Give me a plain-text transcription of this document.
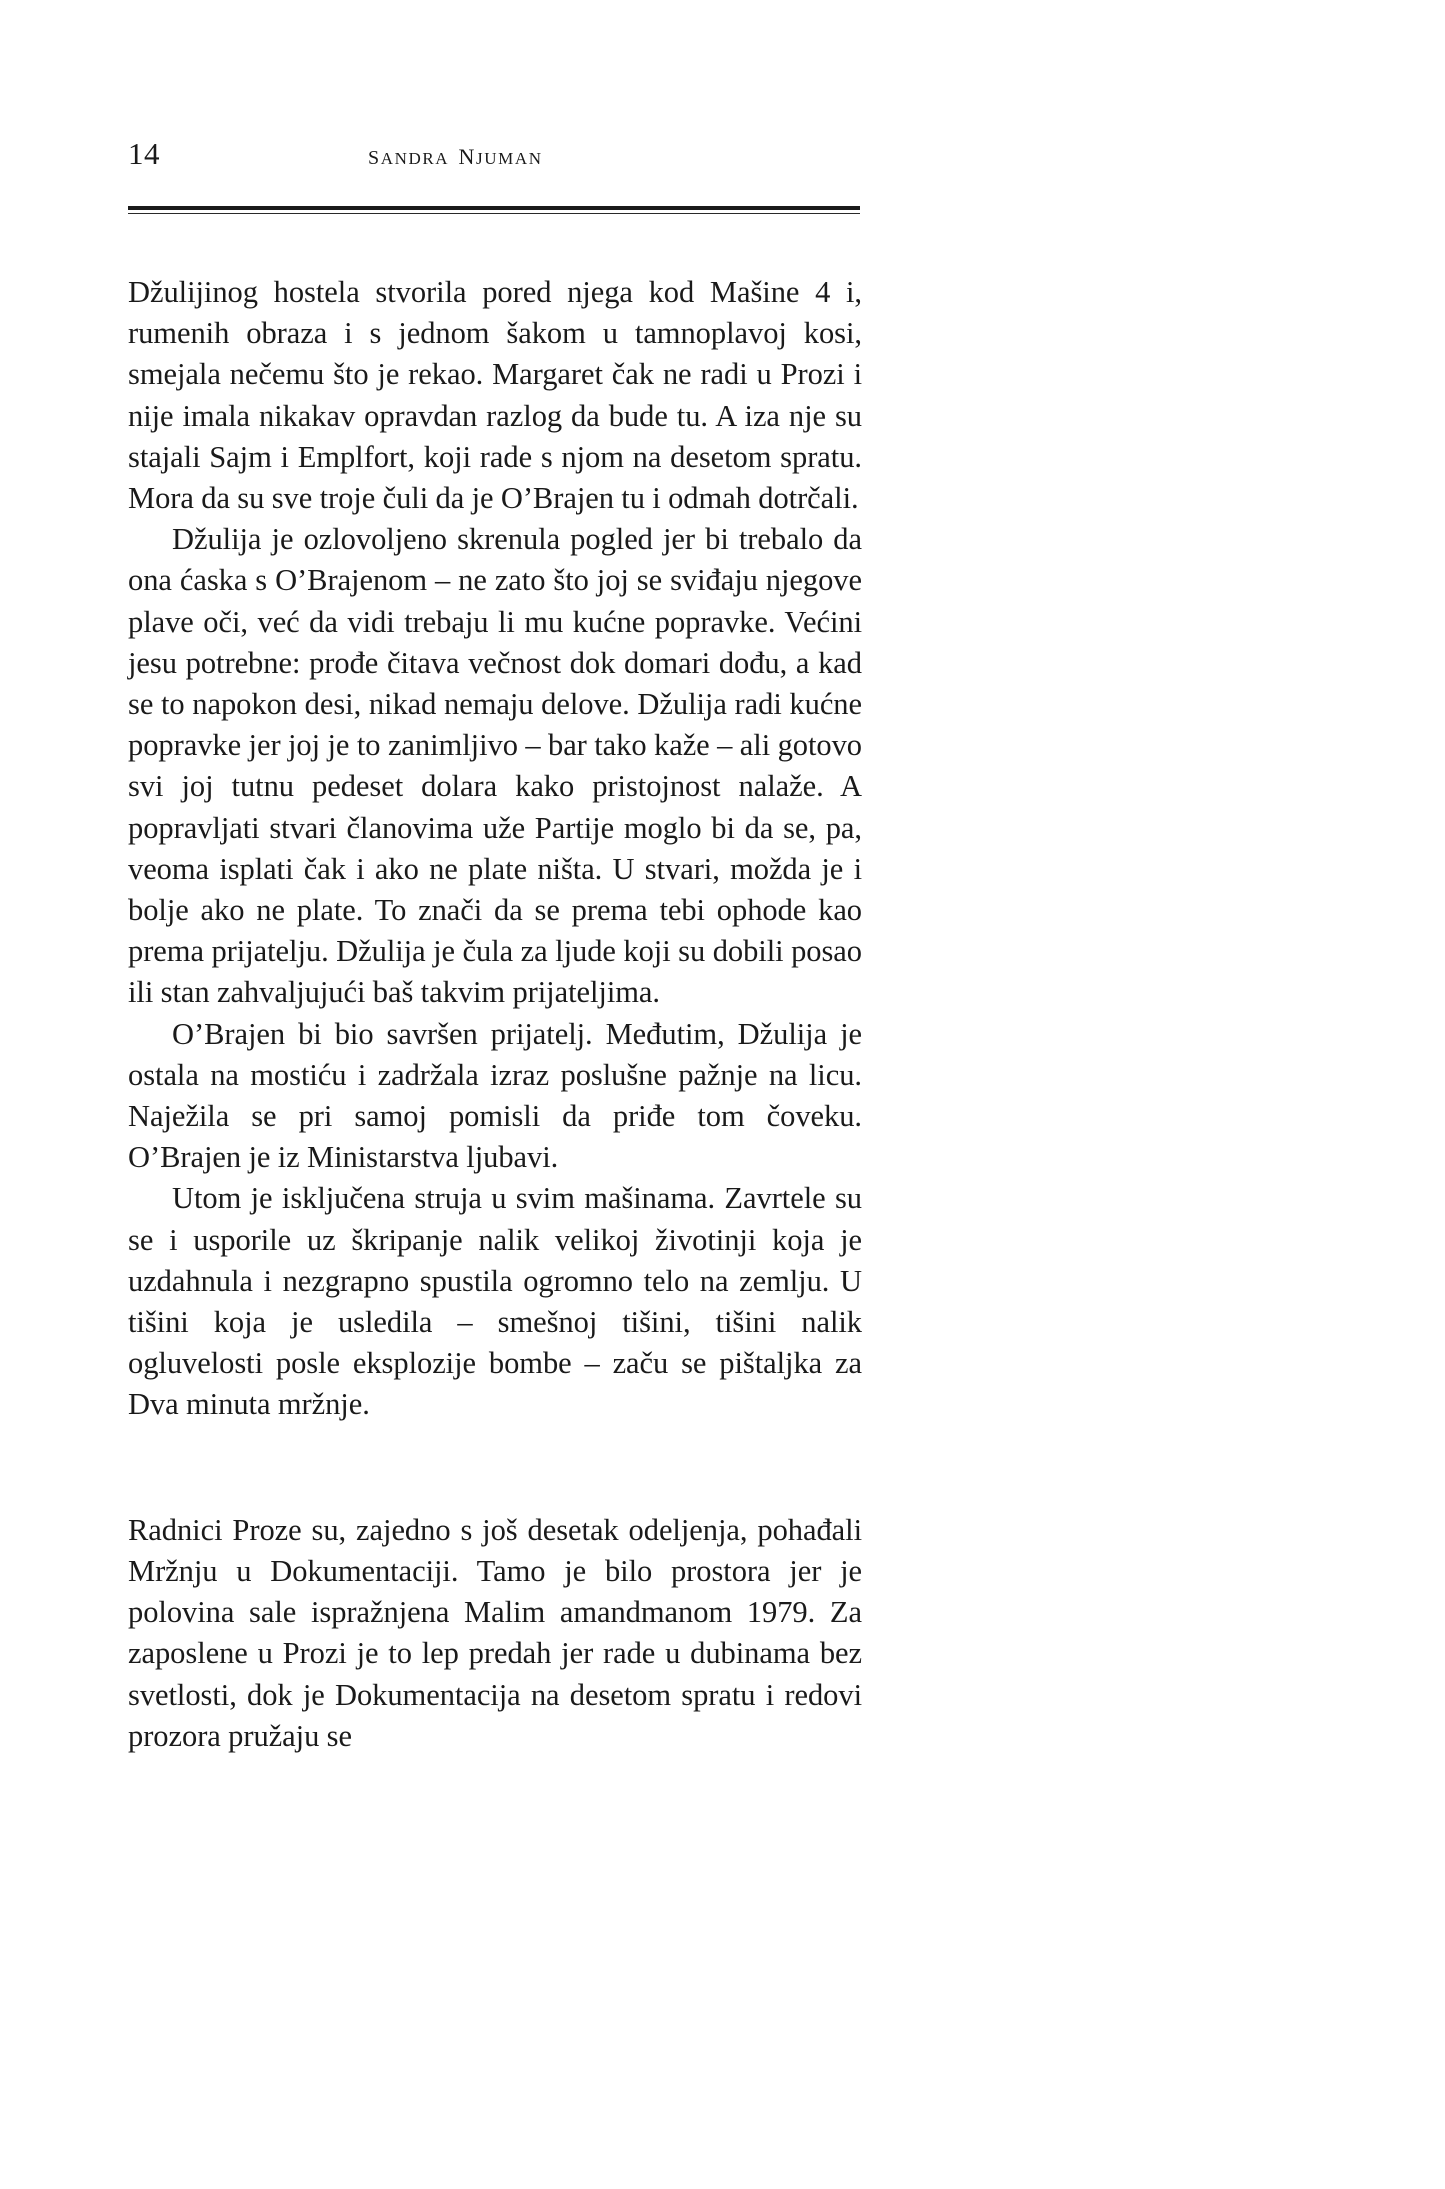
14	sandra njuman

Džulijinog hostela stvorila pored njega kod Mašine 4 i, rumenih obraza i s jednom šakom u tamnoplavoj kosi, smejala nečemu što je rekao. Margaret čak ne radi u Prozi i nije imala nikakav opravdan razlog da bude tu. A iza nje su stajali Sajm i Emplfort, koji rade s njom na desetom spratu. Mora da su sve troje čuli da je O’Brajen tu i odmah dotrčali.

Džulija je ozlovoljeno skrenula pogled jer bi trebalo da ona ćaska s O’Brajenom – ne zato što joj se sviđaju njegove plave oči, već da vidi trebaju li mu kućne popravke. Većini jesu potrebne: prođe čitava večnost dok domari dođu, a kad se to napokon desi, nikad nemaju delove. Džulija radi kućne popravke jer joj je to zanimljivo – bar tako kaže – ali gotovo svi joj tutnu pedeset dolara kako pristojnost nalaže. A popravljati stvari članovima uže Partije moglo bi da se, pa, veoma isplati čak i ako ne plate ništa. U stvari, možda je i bolje ako ne plate. To znači da se prema tebi ophode kao prema prijatelju. Džulija je čula za ljude koji su dobili posao ili stan zahvaljujući baš takvim prijateljima.

O’Brajen bi bio savršen prijatelj. Međutim, Džulija je ostala na mostiću i zadržala izraz poslušne pažnje na licu. Naježila se pri samoj pomisli da priđe tom čoveku. O’Brajen je iz Ministarstva ljubavi.

Utom je isključena struja u svim mašinama. Zavrtele su se i usporile uz škripanje nalik velikoj životinji koja je uzdahnula i nezgrapno spustila ogromno telo na zemlju. U tišini koja je usledila – smešnoj tišini, tišini nalik ogluvelosti posle eksplozije bombe – začu se pištaljka za Dva minuta mržnje.

Radnici Proze su, zajedno s još desetak odeljenja, pohađali Mržnju u Dokumentaciji. Tamo je bilo prostora jer je polovina sale ispražnjena Malim amandmanom 1979. Za zaposlene u Prozi je to lep predah jer rade u dubinama bez svetlosti, dok je Dokumentacija na desetom spratu i redovi prozora pružaju se
